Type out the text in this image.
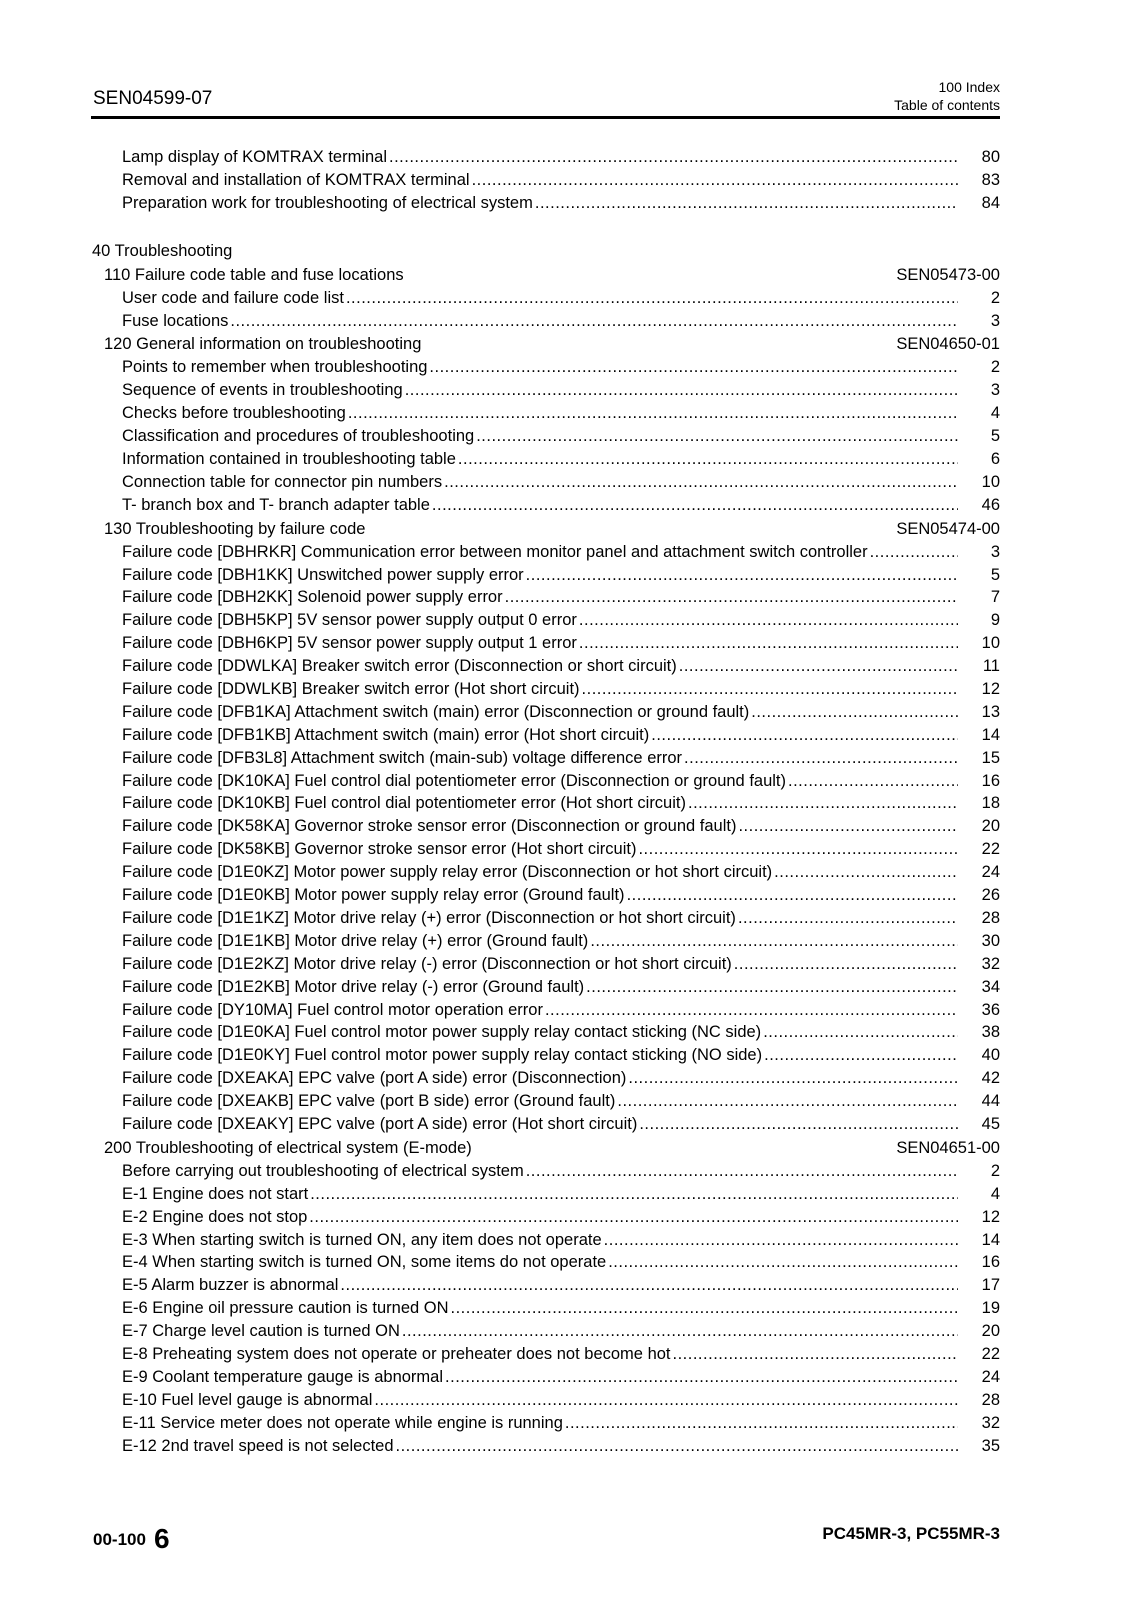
SEN04599-07
100 Index
Table of contents
Lamp display of KOMTRAX terminal .....	80
Removal and installation of KOMTRAX terminal .....	83
Preparation work for troubleshooting of electrical system .....	84
40 Troubleshooting
110 Failure code table and fuse locations	SEN05473-00
User code and failure code list .....	2
Fuse locations .....	3
120 General information on troubleshooting	SEN04650-01
Points to remember when troubleshooting .....	2
Sequence of events in troubleshooting .....	3
Checks before troubleshooting .....	4
Classification and procedures of troubleshooting .....	5
Information contained in troubleshooting table .....	6
Connection table for connector pin numbers .....	10
T- branch box and T- branch adapter table .....	46
130 Troubleshooting by failure code	SEN05474-00
Failure code [DBHRKR] Communication error between monitor panel and attachment switch controller .....	3
Failure code [DBH1KK] Unswitched power supply error .....	5
Failure code [DBH2KK] Solenoid power supply error .....	7
Failure code [DBH5KP] 5V sensor power supply output 0 error .....	9
Failure code [DBH6KP] 5V sensor power supply output 1 error .....	10
Failure code [DDWLKA] Breaker switch error (Disconnection or short circuit) .....	11
Failure code [DDWLKB] Breaker switch error (Hot short circuit) .....	12
Failure code [DFB1KA] Attachment switch (main) error (Disconnection or ground fault) .....	13
Failure code [DFB1KB] Attachment switch (main) error (Hot short circuit) .....	14
Failure code [DFB3L8] Attachment switch (main-sub) voltage difference error .....	15
Failure code [DK10KA] Fuel control dial potentiometer error (Disconnection or ground fault) .....	16
Failure code [DK10KB] Fuel control dial potentiometer error (Hot short circuit) .....	18
Failure code [DK58KA] Governor stroke sensor error (Disconnection or ground fault) .....	20
Failure code [DK58KB] Governor stroke sensor error (Hot short circuit) .....	22
Failure code [D1E0KZ] Motor power supply relay error (Disconnection or hot short circuit) .....	24
Failure code [D1E0KB] Motor power supply relay error (Ground fault) .....	26
Failure code [D1E1KZ] Motor drive relay (+) error (Disconnection or hot short circuit) .....	28
Failure code [D1E1KB] Motor drive relay (+) error (Ground fault) .....	30
Failure code [D1E2KZ] Motor drive relay (-) error (Disconnection or hot short circuit) .....	32
Failure code [D1E2KB] Motor drive relay (-) error (Ground fault) .....	34
Failure code [DY10MA] Fuel control motor operation error .....	36
Failure code [D1E0KA] Fuel control motor power supply relay contact sticking (NC side) .....	38
Failure code [D1E0KY] Fuel control motor power supply relay contact sticking (NO side) .....	40
Failure code [DXEAKA] EPC valve (port A side) error (Disconnection) .....	42
Failure code [DXEAKB] EPC valve (port B side) error (Ground fault) .....	44
Failure code [DXEAKY] EPC valve (port A side) error (Hot short circuit) .....	45
200 Troubleshooting of electrical system (E-mode)	SEN04651-00
Before carrying out troubleshooting of electrical system .....	2
E-1 Engine does not start .....	4
E-2 Engine does not stop .....	12
E-3 When starting switch is turned ON, any item does not operate .....	14
E-4 When starting switch is turned ON, some items do not operate .....	16
E-5 Alarm buzzer is abnormal .....	17
E-6 Engine oil pressure caution is turned ON .....	19
E-7 Charge level caution is turned ON .....	20
E-8 Preheating system does not operate or preheater does not become hot .....	22
E-9 Coolant temperature gauge is abnormal .....	24
E-10 Fuel level gauge is abnormal .....	28
E-11 Service meter does not operate while engine is running .....	32
E-12 2nd travel speed is not selected .....	35
00-100 6	PC45MR-3, PC55MR-3
